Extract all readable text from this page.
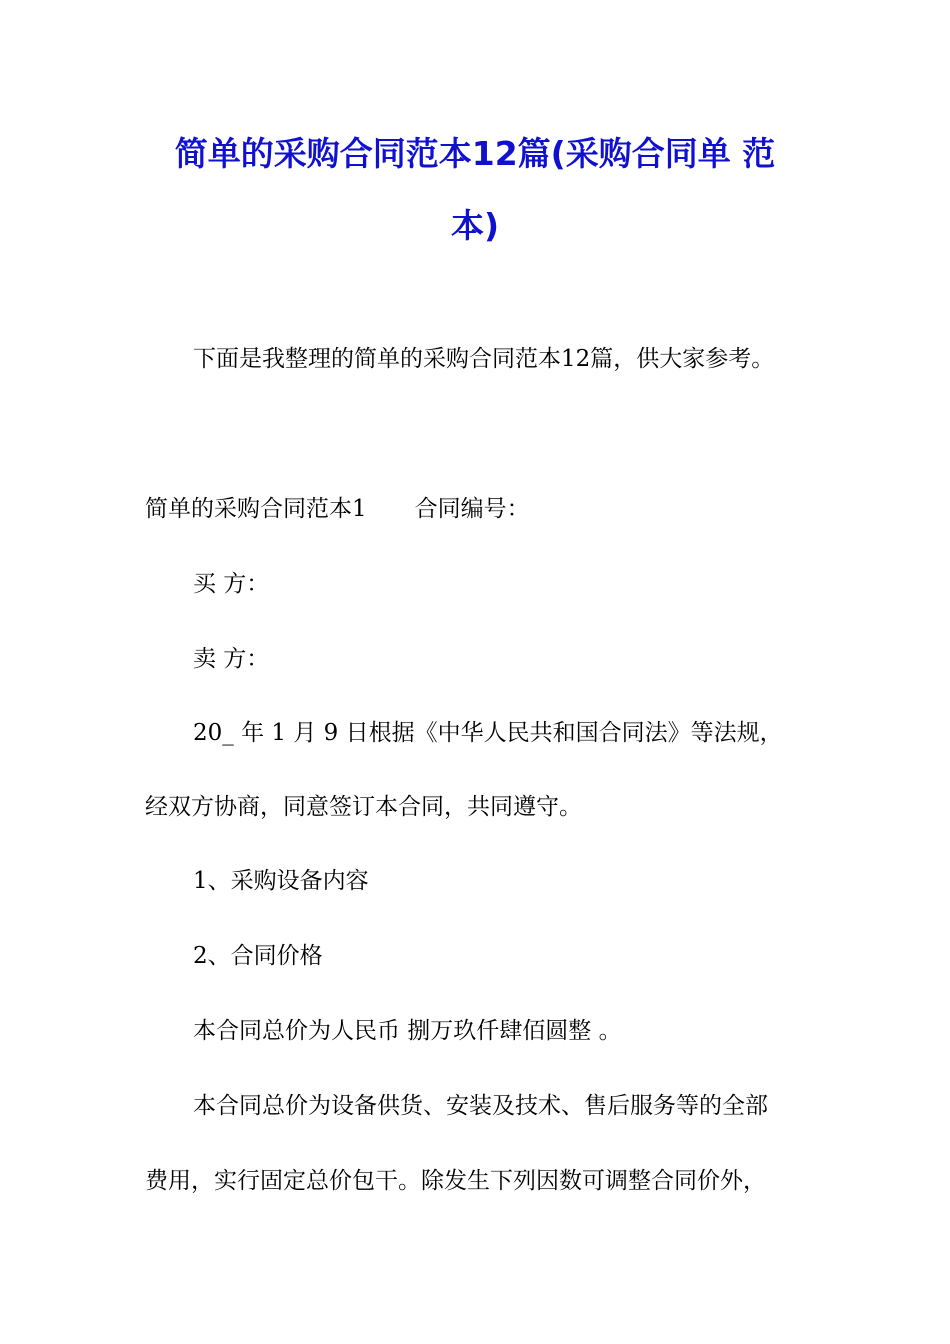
简单的采购合同范本12篇(采购合同单 范
本)

下面是我整理的简单的采购合同范本12篇，供大家参考。

简单的采购合同范本1 合同编号：

买 方：

卖 方：

20_ 年 1 月 9 日根据《中华人民共和国合同法》等法规，

经双方协商，同意签订本合同，共同遵守。

1、采购设备内容

2、合同价格

本合同总价为人民币 捌万玖仟肆佰圆整 。

本合同总价为设备供货、安装及技术、售后服务等的全部

费用，实行固定总价包干。除发生下列因数可调整合同价外，
